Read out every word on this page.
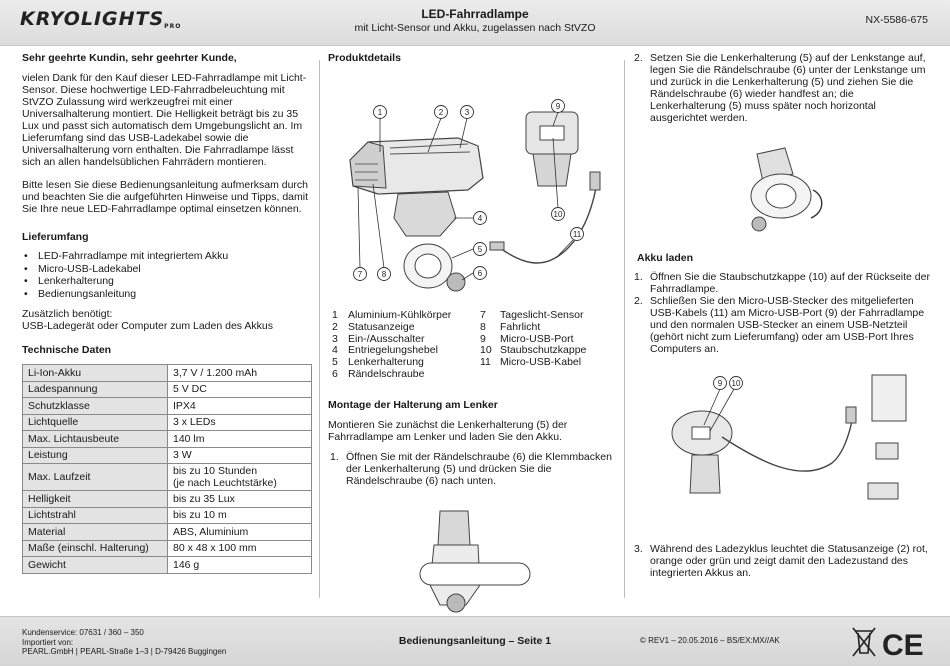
KRYOLIGHTSPRO
LED-Fahrradlampe
mit Licht-Sensor und Akku, zugelassen nach StVZO
NX-5586-675
Sehr geehrte Kundin, sehr geehrter Kunde,

vielen Dank für den Kauf dieser LED-Fahrradlampe mit Licht-Sensor. Diese hochwertige LED-Fahrradbeleuchtung mit StVZO Zulassung wird werkzeugfrei mit einer Universalhalterung montiert. Die Helligkeit beträgt bis zu 35 Lux und passt sich automatisch dem Umgebungslicht an. Im Lieferumfang sind das USB-Ladekabel sowie die Universalhalterung vorn enthalten. Die Fahrradlampe lässt sich an allen handelsüblichen Fahrrädern montieren.

Bitte lesen Sie diese Bedienungsanleitung aufmerksam durch und beachten Sie die aufgeführten Hinweise und Tipps, damit Sie Ihre neue LED-Fahrradlampe optimal einsetzen können.

Lieferumfang
• LED-Fahrradlampe mit integriertem Akku
• Micro-USB-Ladekabel
• Lenkerhalterung
• Bedienungsanleitung

Zusätzlich benötigt:

USB-Ladegerät oder Computer zum Laden des Akkus

Technische Daten
Li-Ion-Akku	3,7 V / 1.200 mAh
Ladespannung	5 V DC
Schutzklasse	IPX4
Lichtquelle	3 x LEDs
Max. Lichtausbeute	140 lm
Leistung	3 W
Max. Laufzeit	bis zu 10 Stunden
(je nach Leuchtstärke)
Helligkeit	bis zu 35 Lux
Lichtstrahl	bis zu 10 m
Material	ABS, Aluminium
Maße (einschl. Halterung)	80 x 48 x 100 mm
Gewicht	146 g
Produktdetails
1	2	3
4
5
6
7 8
9
10
11
1 Aluminium-Kühlkörper	7	Tageslicht-Sensor
2 Statusanzeige	8	Fahrlicht
3 Ein-/Ausschalter	9	Micro-USB-Port
4 Entriegelungshebel	10 Staubschutzkappe
5 Lenkerhalterung	11 Micro-USB-Kabel
6 Rändelschraube
Montage der Halterung am Lenker

Montieren Sie zunächst die Lenkerhalterung (5) der Fahrradlampe am Lenker und laden Sie den Akku.

1. Öffnen Sie mit der Rändelschraube (6) die Klemmbacken der Lenkerhalterung (5) und drücken Sie die Rändelschraube (6) nach unten.
2. Setzen Sie die Lenkerhalterung (5) auf der Lenkstange auf, legen Sie die Rändelschraube (6) unter der Lenkstange um und zurück in die Lenkerhalterung (5) und ziehen Sie die Rändelschraube (6) wieder handfest an; die Lenkerhalterung (5) muss später noch horizontal ausgerichtet werden.
Akku laden
1. Öffnen Sie die Staubschutzkappe (10) auf der Rückseite der Fahrradlampe.
2. Schließen Sie den Micro-USB-Stecker des mitgelieferten USB-Kabels (11) am Micro-USB-Port (9) der Fahrradlampe und den normalen USB-Stecker an einem USB-Netzteil (gehört nicht zum Lieferumfang) oder am USB-Port Ihres Computers an.
9 10
3. Während des Ladezyklus leuchtet die Statusanzeige (2) rot, orange oder grün und zeigt damit den Ladezustand des integrierten Akkus an.
Kundenservice: 07631 / 360 – 350
Importiert von:
PEARL.GmbH | PEARL-Straße 1–3 | D-79426 Buggingen
Bedienungsanleitung – Seite 1	© REV1 – 20.05.2016 – BS/EX:MX//AK	CE
